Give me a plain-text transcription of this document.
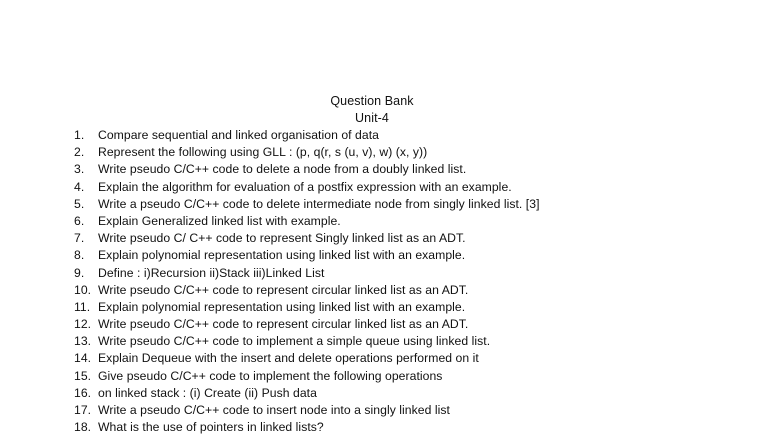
Question Bank
Unit-4
1. Compare sequential and linked organisation of data
2. Represent the following using GLL : (p, q(r, s (u, v), w) (x, y))
3. Write pseudo C/C++ code to delete a node from a doubly linked list.
4. Explain the algorithm for evaluation of a postfix expression with an example.
5. Write a pseudo C/C++ code to delete intermediate node from singly linked list. [3]
6. Explain Generalized linked list with example.
7. Write pseudo C/ C++ code to represent Singly linked list as an ADT.
8. Explain polynomial representation using linked list with an example.
9. Define : i)Recursion ii)Stack iii)Linked List
10. Write pseudo C/C++ code to represent circular linked list as an ADT.
11. Explain polynomial representation using linked list with an example.
12. Write pseudo C/C++ code to represent circular linked list as an ADT.
13. Write pseudo C/C++ code to implement a simple queue using linked list.
14. Explain Dequeue with the insert and delete operations performed on it
15. Give pseudo C/C++ code to implement the following operations
16. on linked stack : (i) Create (ii) Push data
17. Write a pseudo C/C++ code to insert node into a singly linked list
18. What is the use of pointers in linked lists?
